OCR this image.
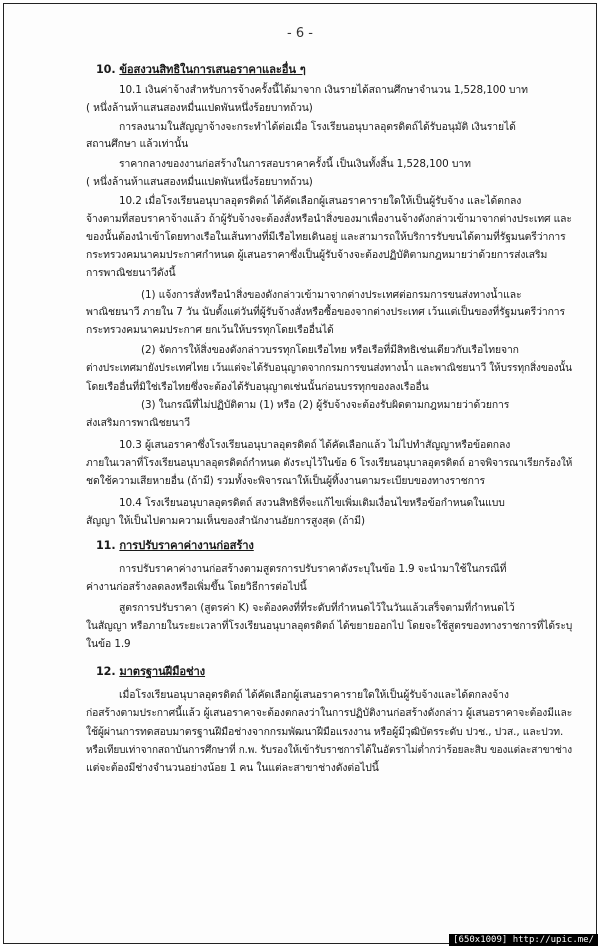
- 6 -
10. ข้อสงวนสิทธิในการเสนอราคาและอื่น ๆ
10.1 เงินค่าจ้างสำหรับการจ้างครั้งนี้ได้มาจาก เงินรายได้สถานศึกษาจำนวน 1,528,100 บาท
( หนึ่งล้านห้าแสนสองหมื่นแปดพันหนึ่งร้อยบาทถ้วน)
การลงนามในสัญญาจ้างจะกระทำได้ต่อเมื่อ โรงเรียนอนุบาลอุตรดิตถ์ได้รับอนุมัติ เงินรายได้
สถานศึกษา แล้วเท่านั้น
ราคากลางของงานก่อสร้างในการสอบราคาครั้งนี้ เป็นเงินทั้งสิ้น 1,528,100 บาท
( หนึ่งล้านห้าแสนสองหมื่นแปดพันหนึ่งร้อยบาทถ้วน)
10.2 เมื่อโรงเรียนอนุบาลอุตรดิตถ์ ได้คัดเลือกผู้เสนอราคารายใดให้เป็นผู้รับจ้าง และได้ตกลง
จ้างตามที่สอบราคาจ้างแล้ว ถ้าผู้รับจ้างจะต้องสั่งหรือนำสิ่งของมาเพื่องานจ้างดังกล่าวเข้ามาจากต่างประเทศ และ
ของนั้นต้องนำเข้าโดยทางเรือในเส้นทางที่มีเรือไทยเดินอยู่ และสามารถให้บริการรับขนได้ตามที่รัฐมนตรีว่าการ
กระทรวงคมนาคมประกาศกำหนด ผู้เสนอราคาซึ่งเป็นผู้รับจ้างจะต้องปฏิบัติตามกฎหมายว่าด้วยการส่งเสริม
การพาณิชยนาวีดังนี้
(1) แจ้งการสั่งหรือนำสิ่งของดังกล่าวเข้ามาจากต่างประเทศต่อกรมการขนส่งทางน้ำและ
พาณิชยนาวี ภายใน 7 วัน นับตั้งแต่วันที่ผู้รับจ้างสั่งหรือซื้อของจากต่างประเทศ เว้นแต่เป็นของที่รัฐมนตรีว่าการ
กระทรวงคมนาคมประกาศ ยกเว้นให้บรรทุกโดยเรืออื่นได้
(2) จัดการให้สิ่งของดังกล่าวบรรทุกโดยเรือไทย หรือเรือที่มีสิทธิเช่นเดียวกับเรือไทยจาก
ต่างประเทศมายังประเทศไทย เว้นแต่จะได้รับอนุญาตจากกรมการขนส่งทางน้ำ และพาณิชยนาวี ให้บรรทุกสิ่งของนั้น
โดยเรืออื่นที่มิใช่เรือไทยซึ่งจะต้องได้รับอนุญาตเช่นนั้นก่อนบรรทุกของลงเรืออื่น
(3) ในกรณีที่ไม่ปฏิบัติตาม (1) หรือ (2) ผู้รับจ้างจะต้องรับผิดตามกฎหมายว่าด้วยการ
ส่งเสริมการพาณิชยนาวี
10.3 ผู้เสนอราคาซึ่งโรงเรียนอนุบาลอุตรดิตถ์ ได้คัดเลือกแล้ว ไม่ไปทำสัญญาหรือข้อตกลง
ภายในเวลาที่โรงเรียนอนุบาลอุตรดิตถ์กำหนด ดังระบุไว้ในข้อ 6 โรงเรียนอนุบาลอุตรดิตถ์ อาจพิจารณาเรียกร้องให้
ชดใช้ความเสียหายอื่น (ถ้ามี) รวมทั้งจะพิจารณาให้เป็นผู้ทิ้งงานตามระเบียบของทางราชการ
10.4 โรงเรียนอนุบาลอุตรดิตถ์ สงวนสิทธิที่จะแก้ไขเพิ่มเติมเงื่อนไขหรือข้อกำหนดในแบบ
สัญญา ให้เป็นไปตามความเห็นของสำนักงานอัยการสูงสุด (ถ้ามี)
11. การปรับราคาค่างานก่อสร้าง
การปรับราคาค่างานก่อสร้างตามสูตรการปรับราคาดังระบุในข้อ 1.9 จะนำมาใช้ในกรณีที่
ค่างานก่อสร้างลดลงหรือเพิ่มขึ้น โดยวิธีการต่อไปนี้
สูตรการปรับราคา (สูตรค่า K) จะต้องคงที่ที่ระดับที่กำหนดไว้ในวันแล้วเสร็จตามที่กำหนดไว้
ในสัญญา หรือภายในระยะเวลาที่โรงเรียนอนุบาลอุตรดิตถ์ ได้ขยายออกไป โดยจะใช้สูตรของทางราชการที่ได้ระบุ
ในข้อ 1.9
12. มาตรฐานฝีมือช่าง
เมื่อโรงเรียนอนุบาลอุตรดิตถ์ ได้คัดเลือกผู้เสนอราคารายใดให้เป็นผู้รับจ้างและได้ตกลงจ้าง
ก่อสร้างตามประกาศนี้แล้ว ผู้เสนอราคาจะต้องตกลงว่าในการปฏิบัติงานก่อสร้างดังกล่าว ผู้เสนอราคาจะต้องมีและ
ใช้ผู้ผ่านการทดสอบมาตรฐานฝีมือช่างจากกรมพัฒนาฝีมือแรงงาน หรือผู้มีวุฒิบัตรระดับ ปวช., ปวส., และปวท.
หรือเทียบเท่าจากสถาบันการศึกษาที่ ก.พ. รับรองให้เข้ารับราชการได้ในอัตราไม่ต่ำกว่าร้อยละสิบ ของแต่ละสาขาช่าง
แต่จะต้องมีช่างจำนวนอย่างน้อย 1 คน ในแต่ละสาขาช่างดังต่อไปนี้
[650x1009] http://upic.me/
